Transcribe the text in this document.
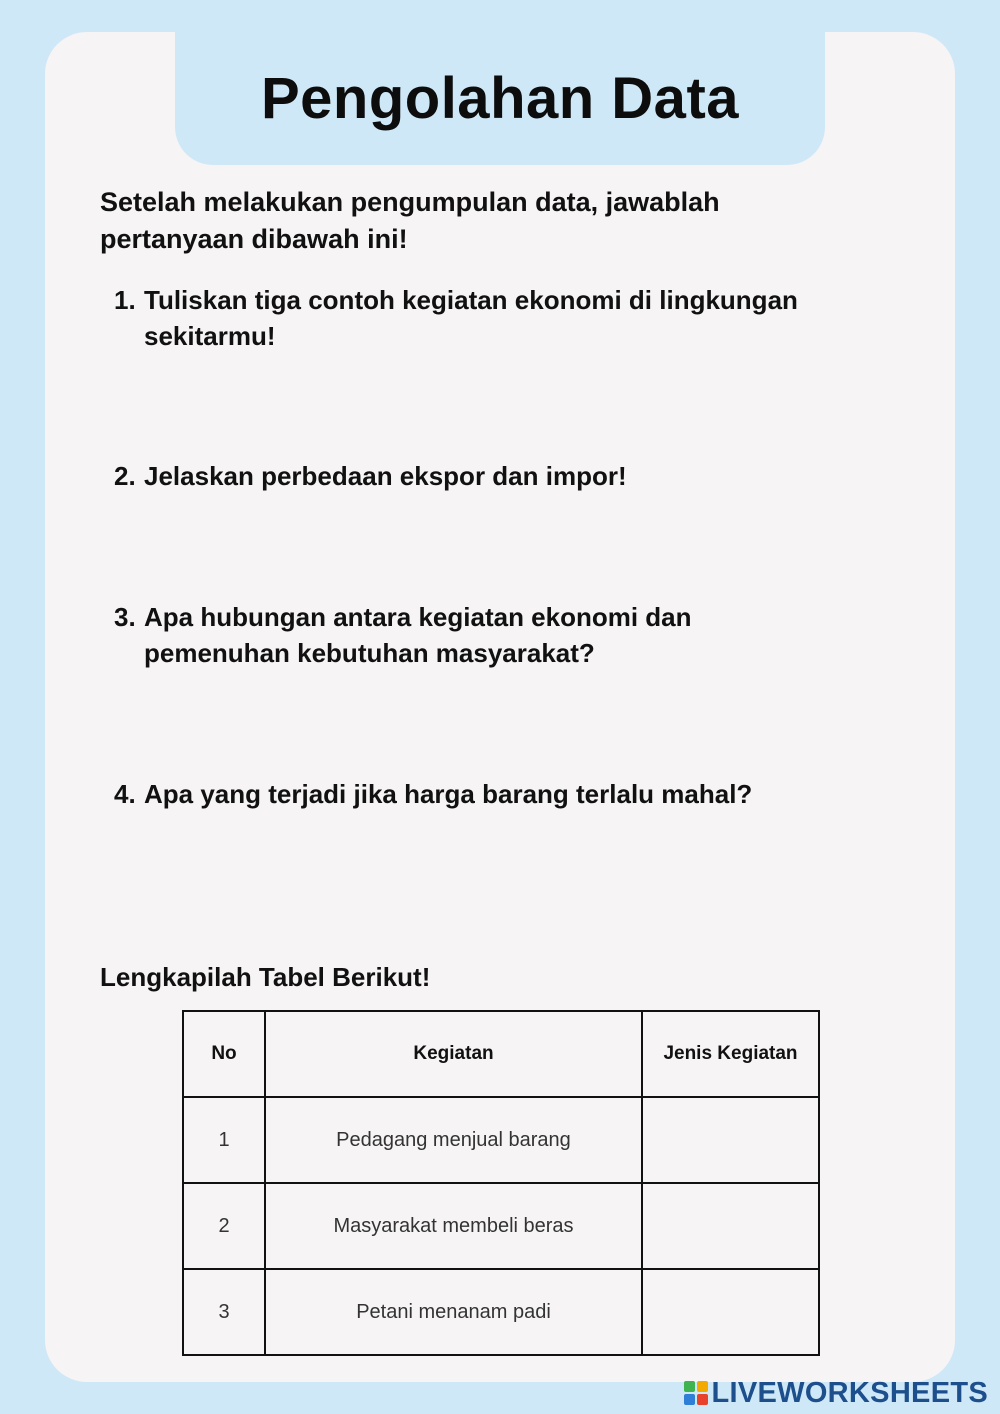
Pengolahan Data

Setelah melakukan pengumpulan data, jawablah pertanyaan dibawah ini!

1. Tuliskan tiga contoh kegiatan ekonomi di lingkungan sekitarmu!
2. Jelaskan perbedaan ekspor dan impor!
3. Apa hubungan antara kegiatan ekonomi dan pemenuhan kebutuhan masyarakat?
4. Apa yang terjadi jika harga barang terlalu mahal?

Lengkapilah Tabel Berikut!

No	Kegiatan	Jenis Kegiatan
1	Pedagang menjual barang	
2	Masyarakat membeli beras	
3	Petani menanam padi	
LIVEWORKSHEETS
